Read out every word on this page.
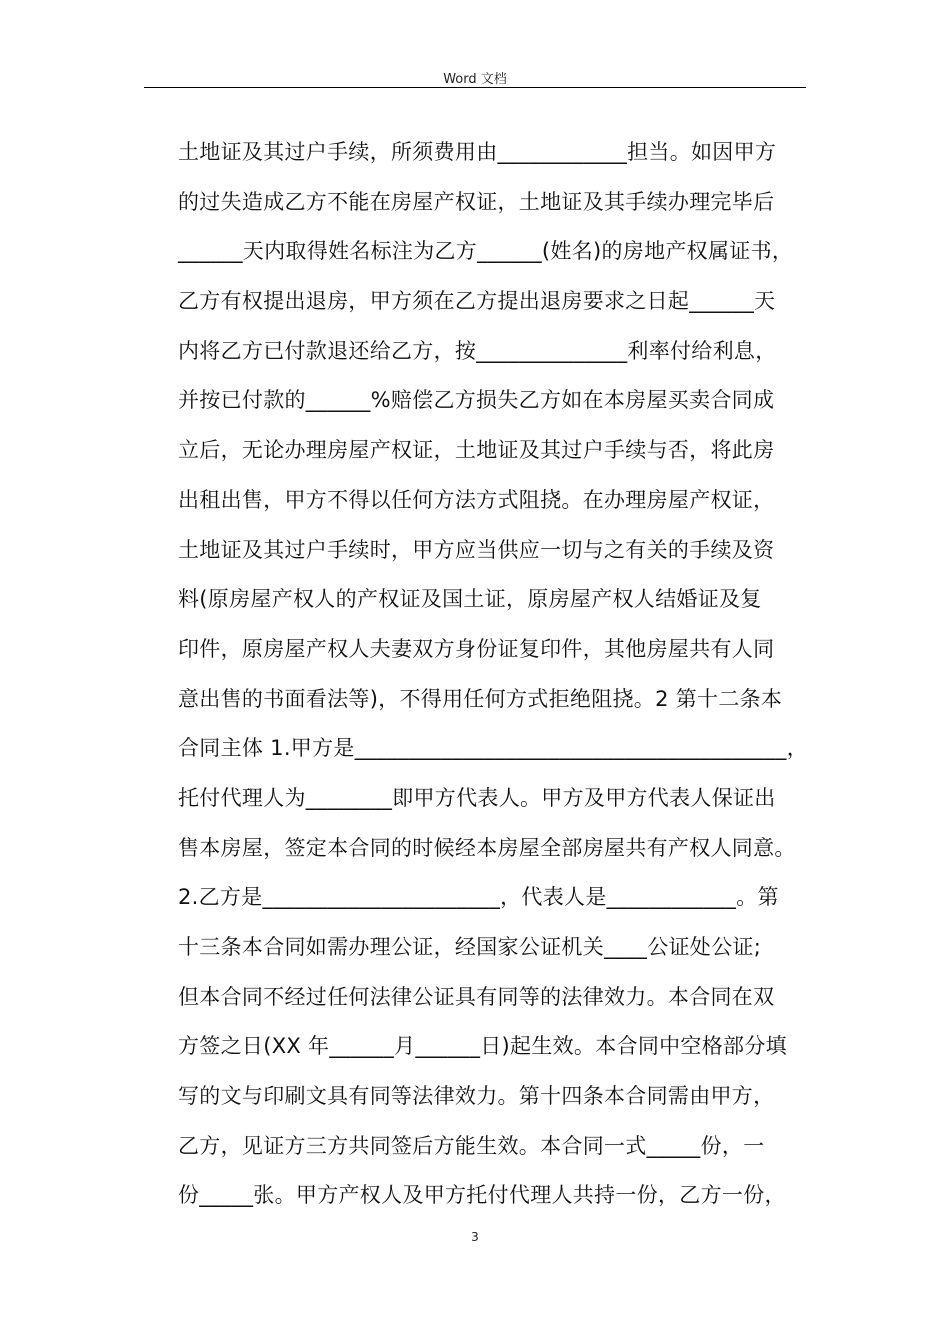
Word 文档
土地证及其过户手续，所须费用由____________担当。如因甲方
的过失造成乙方不能在房屋产权证，土地证及其手续办理完毕后
______天内取得姓名标注为乙方______(姓名)的房地产权属证书，
乙方有权提出退房，甲方须在乙方提出退房要求之日起______天
内将乙方已付款退还给乙方，按______________利率付给利息，
并按已付款的______%赔偿乙方损失乙方如在本房屋买卖合同成
立后，无论办理房屋产权证，土地证及其过户手续与否，将此房
出租出售，甲方不得以任何方法方式阻挠。在办理房屋产权证，
土地证及其过户手续时，甲方应当供应一切与之有关的手续及资
料(原房屋产权人的产权证及国土证，原房屋产权人结婚证及复
印件，原房屋产权人夫妻双方身份证复印件，其他房屋共有人同
意出售的书面看法等)，不得用任何方式拒绝阻挠。2 第十二条本
合同主体 1.甲方是________________________________________，
托付代理人为________即甲方代表人。甲方及甲方代表人保证出
售本房屋，签定本合同的时候经本房屋全部房屋共有产权人同意。
2.乙方是______________________，代表人是____________。第
十三条本合同如需办理公证，经国家公证机关____公证处公证;
但本合同不经过任何法律公证具有同等的法律效力。本合同在双
方签之日(XX 年______月______日)起生效。本合同中空格部分填
写的文与印刷文具有同等法律效力。第十四条本合同需由甲方，
乙方，见证方三方共同签后方能生效。本合同一式_____份，一
份_____张。甲方产权人及甲方托付代理人共持一份，乙方一份，
3
